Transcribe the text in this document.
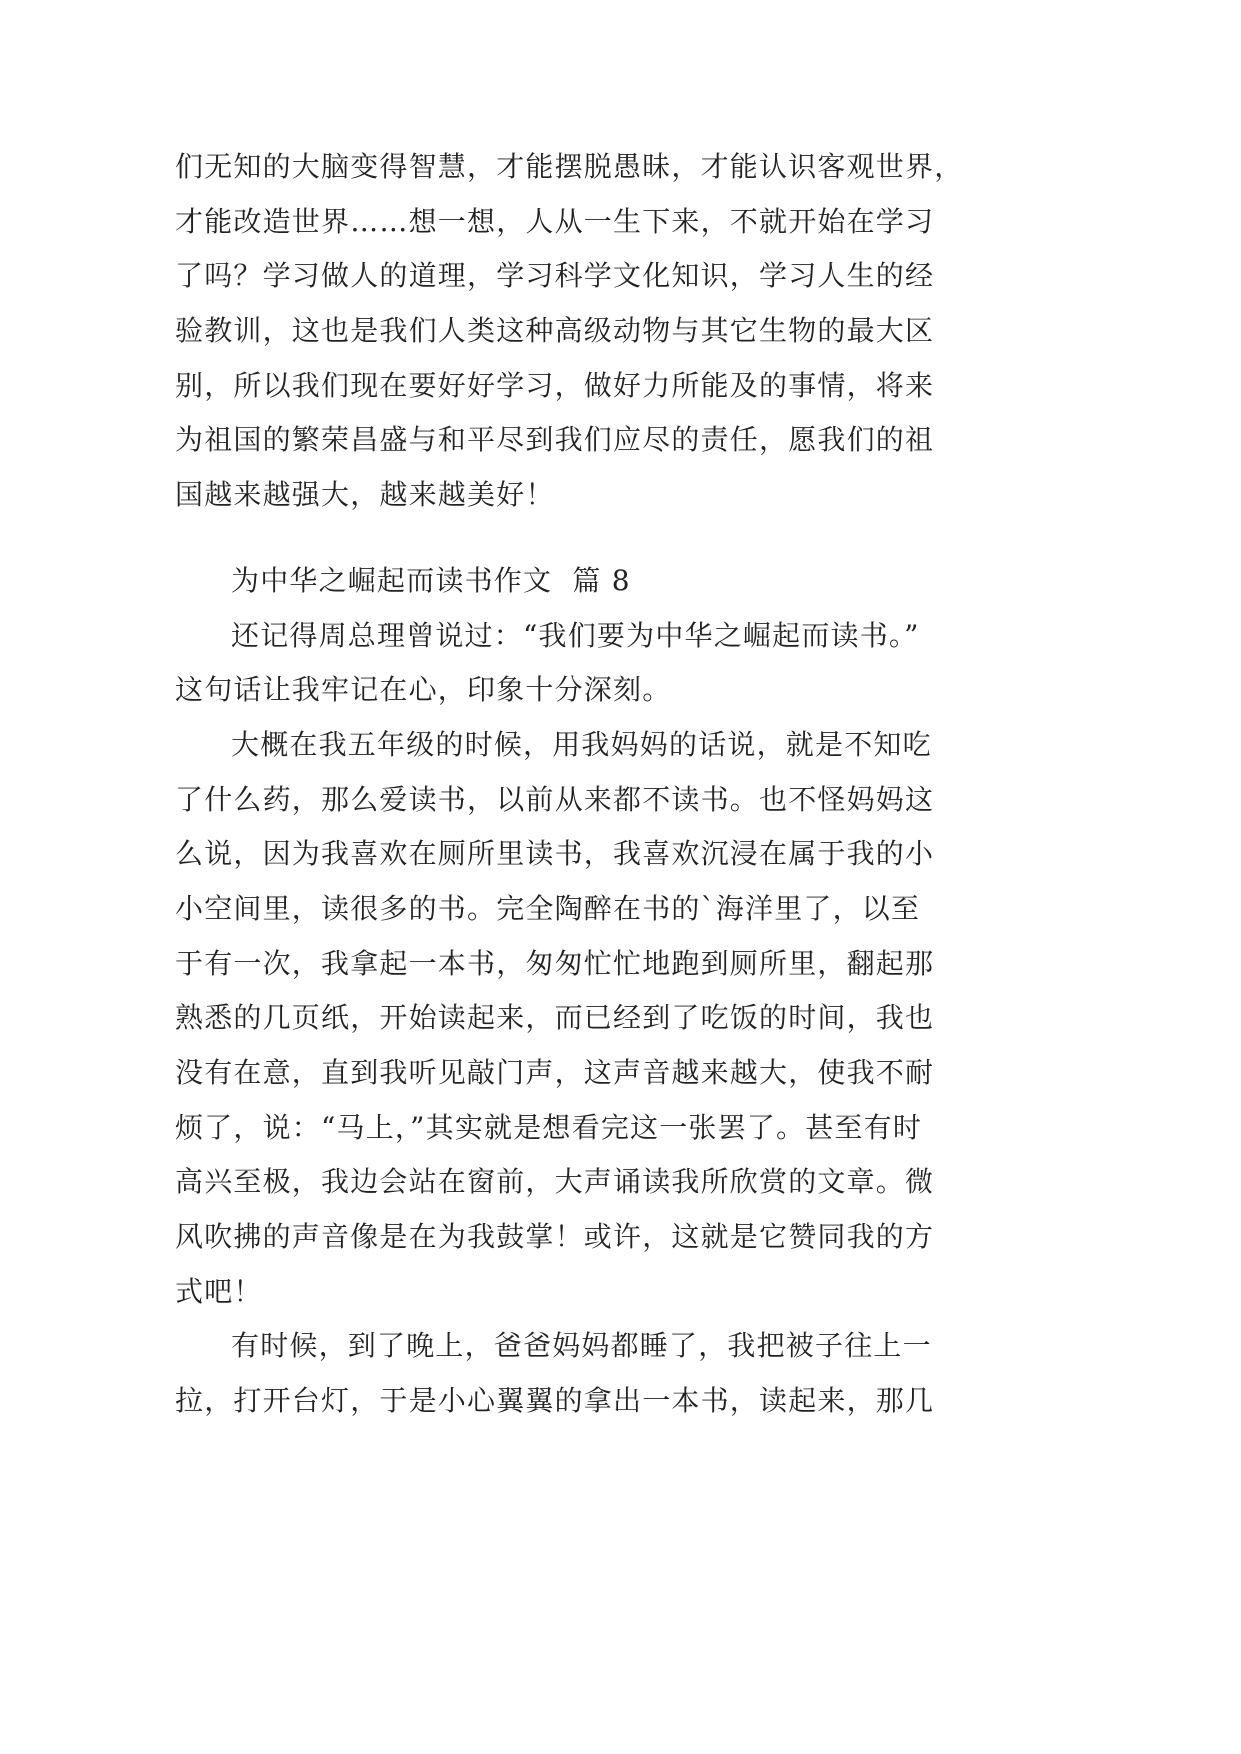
们无知的大脑变得智慧，才能摆脱愚昧，才能认识客观世界，
才能改造世界……想一想，人从一生下来，不就开始在学习
了吗？学习做人的道理，学习科学文化知识，学习人生的经
验教训，这也是我们人类这种高级动物与其它生物的最大区
别，所以我们现在要好好学习，做好力所能及的事情，将来
为祖国的繁荣昌盛与和平尽到我们应尽的责任，愿我们的祖
国越来越强大，越来越美好！
为中华之崛起而读书作文  篇 8
还记得周总理曾说过：“我们要为中华之崛起而读书。”
这句话让我牢记在心，印象十分深刻。
大概在我五年级的时候，用我妈妈的话说，就是不知吃
了什么药，那么爱读书，以前从来都不读书。也不怪妈妈这
么说，因为我喜欢在厕所里读书，我喜欢沉浸在属于我的小
小空间里，读很多的书。完全陶醉在书的`海洋里了，以至
于有一次，我拿起一本书，匆匆忙忙地跑到厕所里，翻起那
熟悉的几页纸，开始读起来，而已经到了吃饭的时间，我也
没有在意，直到我听见敲门声，这声音越来越大，使我不耐
烦了，说：“马上，”其实就是想看完这一张罢了。甚至有时
高兴至极，我边会站在窗前，大声诵读我所欣赏的文章。微
风吹拂的声音像是在为我鼓掌！或许，这就是它赞同我的方
式吧！
有时候，到了晚上，爸爸妈妈都睡了，我把被子往上一
拉，打开台灯，于是小心翼翼的拿出一本书，读起来，那几
